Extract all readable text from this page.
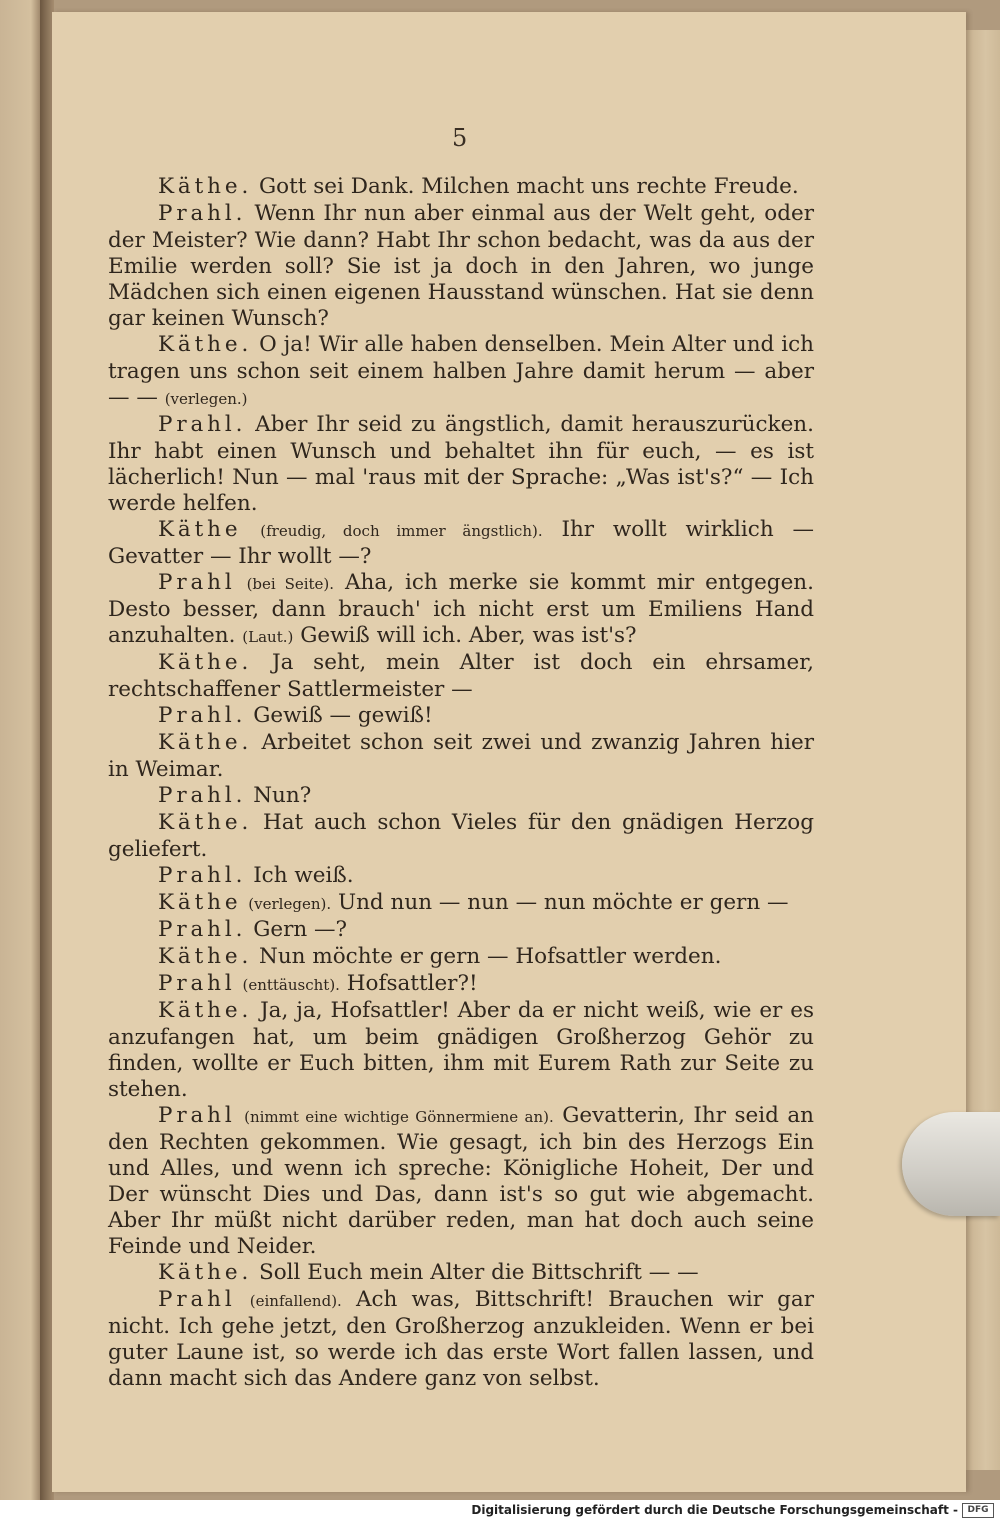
5

Käthe. Gott sei Dank. Milchen macht uns rechte Freude.

Prahl. Wenn Ihr nun aber einmal aus der Welt geht, oder der Meister? Wie dann? Habt Ihr schon bedacht, was da aus der Emilie werden soll? Sie ist ja doch in den Jahren, wo junge Mädchen sich einen eigenen Hausstand wünschen. Hat sie denn gar keinen Wunsch?

Käthe. O ja! Wir alle haben denselben. Mein Alter und ich tragen uns schon seit einem halben Jahre damit herum — aber — — (verlegen.)

Prahl. Aber Ihr seid zu ängstlich, damit herauszurücken. Ihr habt einen Wunsch und behaltet ihn für euch, — es ist lächerlich! Nun — mal 'raus mit der Sprache: „Was ist's?“ — Ich werde helfen.

Käthe (freudig, doch immer ängstlich). Ihr wollt wirklich — Gevatter — Ihr wollt —?

Prahl (bei Seite). Aha, ich merke sie kommt mir entgegen. Desto besser, dann brauch' ich nicht erst um Emiliens Hand anzuhalten. (Laut.) Gewiß will ich. Aber, was ist's?

Käthe. Ja seht, mein Alter ist doch ein ehrsamer, rechtschaffener Sattlermeister —

Prahl. Gewiß — gewiß!

Käthe. Arbeitet schon seit zwei und zwanzig Jahren hier in Weimar.

Prahl. Nun?

Käthe. Hat auch schon Vieles für den gnädigen Herzog geliefert.

Prahl. Ich weiß.

Käthe (verlegen). Und nun — nun — nun möchte er gern —

Prahl. Gern —?

Käthe. Nun möchte er gern — Hofsattler werden.

Prahl (enttäuscht). Hofsattler?!

Käthe. Ja, ja, Hofsattler! Aber da er nicht weiß, wie er es anzufangen hat, um beim gnädigen Großherzog Gehör zu finden, wollte er Euch bitten, ihm mit Eurem Rath zur Seite zu stehen.

Prahl (nimmt eine wichtige Gönnermiene an). Gevatterin, Ihr seid an den Rechten gekommen. Wie gesagt, ich bin des Herzogs Ein und Alles, und wenn ich spreche: Königliche Hoheit, Der und Der wünscht Dies und Das, dann ist's so gut wie abgemacht. Aber Ihr müßt nicht darüber reden, man hat doch auch seine Feinde und Neider.

Käthe. Soll Euch mein Alter die Bittschrift — —

Prahl (einfallend). Ach was, Bittschrift! Brauchen wir gar nicht. Ich gehe jetzt, den Großherzog anzukleiden. Wenn er bei guter Laune ist, so werde ich das erste Wort fallen lassen, und dann macht sich das Andere ganz von selbst.

Digitalisierung gefördert durch die Deutsche Forschungsgemeinschaft -	DFG
